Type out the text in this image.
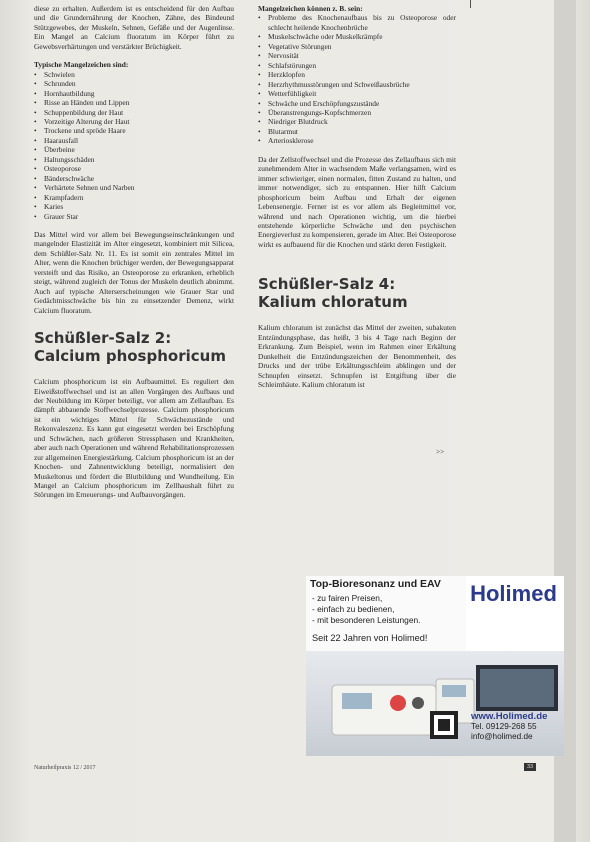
diese zu erhalten. Außerdem ist es entscheidend für den Aufbau und die Grundernährung der Knochen, Zähne, des Bindeund Stützgewebes, der Muskeln, Sehnen, Gefäße und der Augenlinse. Ein Mangel an Calcium fluoratum im Körper führt zu Gewebsverhärtungen und verstärkter Brüchigkeit.

Typische Mangelzeichen sind:

• Schwielen
• Schrunden
• Hornhautbildung
• Risse an Händen und Lippen
• Schuppenbildung der Haut
• Vorzeitige Alterung der Haut
• Trockene und spröde Haare
• Haarausfall
• Überbeine
• Haltungsschäden
• Osteoporose
• Bänderschwäche
• Verhärtete Sehnen und Narben
• Krampfadern
• Karies
• Grauer Star

Das Mittel wird vor allem bei Bewegungseinschränkungen und mangelnder Elastizität im Alter eingesetzt, kombiniert mit Silicea, dem Schüßler-Salz Nr. 11. Es ist somit ein zentrales Mittel im Alter, wenn die Knochen brüchiger werden, der Bewegungsapparat versteift und das Risiko, an Osteoporose zu erkranken, erheblich steigt, während zugleich der Tonus der Muskeln deutlich abnimmt. Auch auf typische Alterserscheinungen wie Grauer Star und Gedächtnisschwäche bis hin zu einsetzender Demenz, wirkt Calcium fluoratum.

Schüßler-Salz 2:
Calcium phosphoricum

Calcium phosphoricum ist ein Aufbaumittel. Es reguliert den Eiweißstoffwechsel und ist an allen Vorgängen des Aufbaus und der Neubildung im Körper beteiligt, vor allem am Zellaufbau. Es dämpft abbauende Stoffwechselprozesse. Calcium phosphoricum ist ein wichtiges Mittel für Schwächezustände und Rekonvaleszenz. Es kann gut eingesetzt werden bei Erschöpfung und Schwächen, nach größeren Stressphasen und Krankheiten, aber auch nach Operationen und während Rehabilitationsprozessen zur allgemeinen Energiestärkung. Calcium phosphoricum ist an der Knochen- und Zahnentwicklung beteiligt, normalisiert den Muskeltonus und fördert die Blutbildung und Wundheilung. Ein Mangel an Calcium phosphoricum im Zellhaushalt führt zu Störungen im Erneuerungs- und Aufbauvorgängen.

Mangelzeichen können z. B. sein:

• Probleme des Knochenaufbaus bis zu Osteoporose oder schlecht heilende Knochenbrüche
• Muskelschwäche oder Muskelkrämpfe
• Vegetative Störungen
• Nervosität
• Schlafstörungen
• Herzklopfen
• Herzrhythmusstörungen und Schweißausbrüche
• Wetterfühligkeit
• Schwäche und Erschöpfungszustände
• Überanstrengungs-Kopfschmerzen
• Niedriger Blutdruck
• Blutarmut
• Arteriosklerose

Da der Zellstoffwechsel und die Prozesse des Zellaufbaus sich mit zunehmendem Alter in wachsendem Maße verlangsamen, wird es immer schwieriger, einen normalen, fitten Zustand zu halten, und immer notwendiger, sich zu entspannen. Hier hilft Calcium phosphoricum beim Aufbau und Erhalt der eigenen Lebensenergie. Ferner ist es vor allem als Begleitmittel vor, während und nach Operationen wichtig, um die hierbei entstehende körperliche Schwäche und den psychischen Energieverlust zu kompensieren, gerade im Alter. Bei Osteoporose wirkt es aufbauend für die Knochen und stärkt deren Festigkeit.

Schüßler-Salz 4:
Kalium chloratum

Kalium chloratum ist zunächst das Mittel der zweiten, subakuten Entzündungsphase, das heißt, 3 bis 4 Tage nach Beginn der Erkrankung. Zum Beispiel, wenn im Rahmen einer Erkältung Dunkelheit die Entzündungszeichen der Benommenheit, des Drucks und der trübe Erkältungsschleim abklingen und der Schnupfen einsetzt. Schnupfen ist Entgiftung über die Schleimhäute. Kalium chloratum ist

>>
Top-Bioresonanz und EAV
- zu fairen Preisen,
- einfach zu bedienen,
- mit besonderen Leistungen.
Seit 22 Jahren von Holimed!
Holimed
www.Holimed.de
Tel. 09129-268 55
info@holimed.de
Naturheilpraxis 12 / 2017	33
